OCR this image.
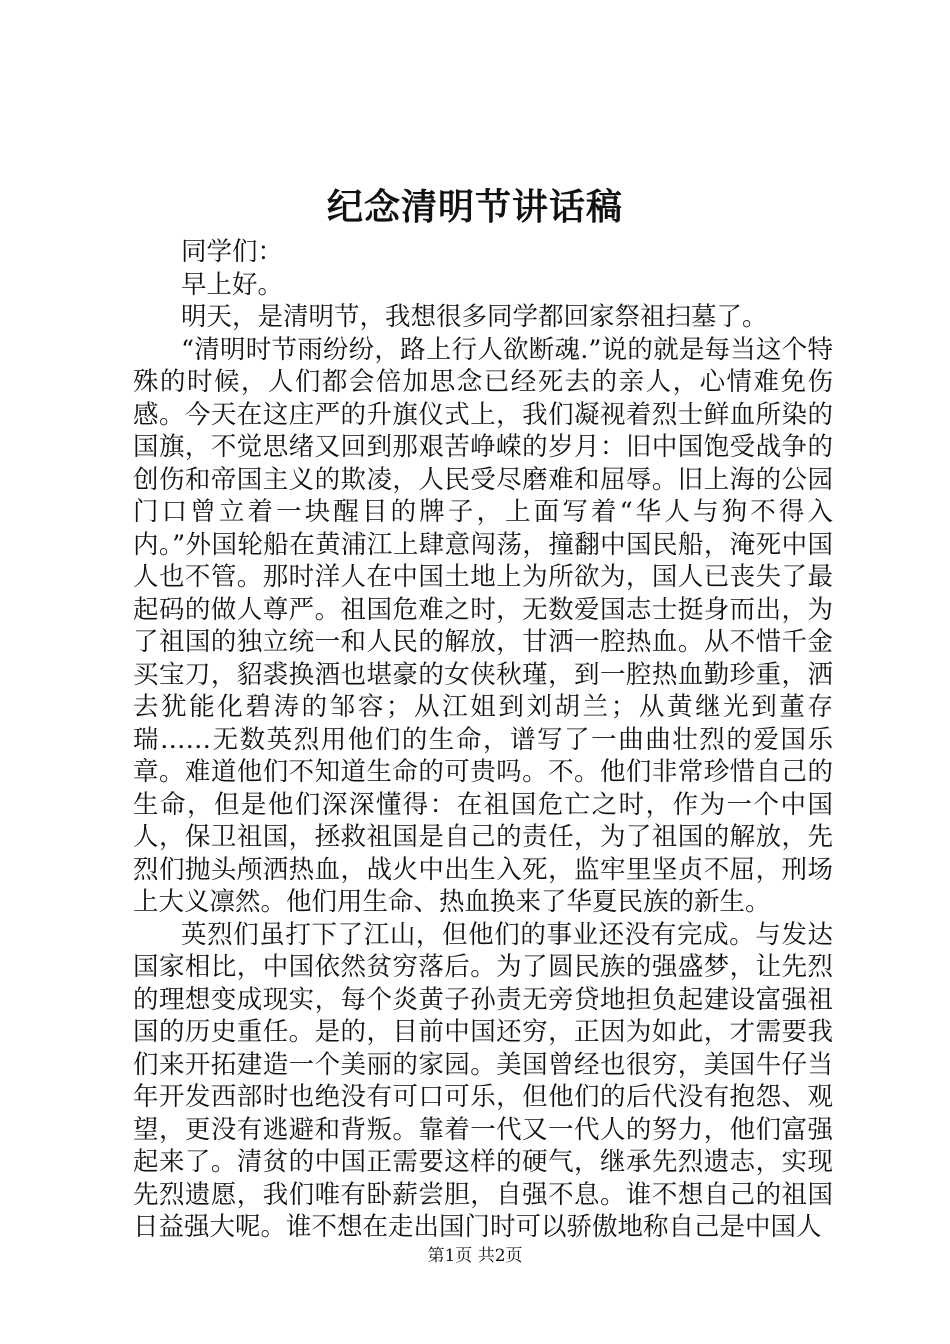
纪念清明节讲话稿

同学们：

早上好。

明天，是清明节，我想很多同学都回家祭祖扫墓了。

“清明时节雨纷纷，路上行人欲断魂.”说的就是每当这个特殊的时候，人们都会倍加思念已经死去的亲人，心情难免伤感。今天在这庄严的升旗仪式上，我们凝视着烈士鲜血所染的国旗，不觉思绪又回到那艰苦峥嵘的岁月：旧中国饱受战争的创伤和帝国主义的欺凌，人民受尽磨难和屈辱。旧上海的公园门口曾立着一块醒目的牌子，上面写着“华人与狗不得入内。”外国轮船在黄浦江上肆意闯荡，撞翻中国民船，淹死中国人也不管。那时洋人在中国土地上为所欲为，国人已丧失了最起码的做人尊严。祖国危难之时，无数爱国志士挺身而出，为了祖国的独立统一和人民的解放，甘洒一腔热血。从不惜千金买宝刀，貂裘换酒也堪豪的女侠秋瑾，到一腔热血勤珍重，洒去犹能化碧涛的邹容；从江姐到刘胡兰；从黄继光到董存瑞……无数英烈用他们的生命，谱写了一曲曲壮烈的爱国乐章。难道他们不知道生命的可贵吗。不。他们非常珍惜自己的生命，但是他们深深懂得：在祖国危亡之时，作为一个中国人，保卫祖国，拯救祖国是自己的责任，为了祖国的解放，先烈们抛头颅洒热血，战火中出生入死，监牢里坚贞不屈，刑场上大义凛然。他们用生命、热血换来了华夏民族的新生。

英烈们虽打下了江山，但他们的事业还没有完成。与发达国家相比，中国依然贫穷落后。为了圆民族的强盛梦，让先烈的理想变成现实，每个炎黄子孙责无旁贷地担负起建设富强祖国的历史重任。是的，目前中国还穷，正因为如此，才需要我们来开拓建造一个美丽的家园。美国曾经也很穷，美国牛仔当年开发西部时也绝没有可口可乐，但他们的后代没有抱怨、观望，更没有逃避和背叛。靠着一代又一代人的努力，他们富强起来了。清贫的中国正需要这样的硬气，继承先烈遗志，实现先烈遗愿，我们唯有卧薪尝胆，自强不息。谁不想自己的祖国日益强大呢。谁不想在走出国门时可以骄傲地称自己是中国人

第1页 共2页
